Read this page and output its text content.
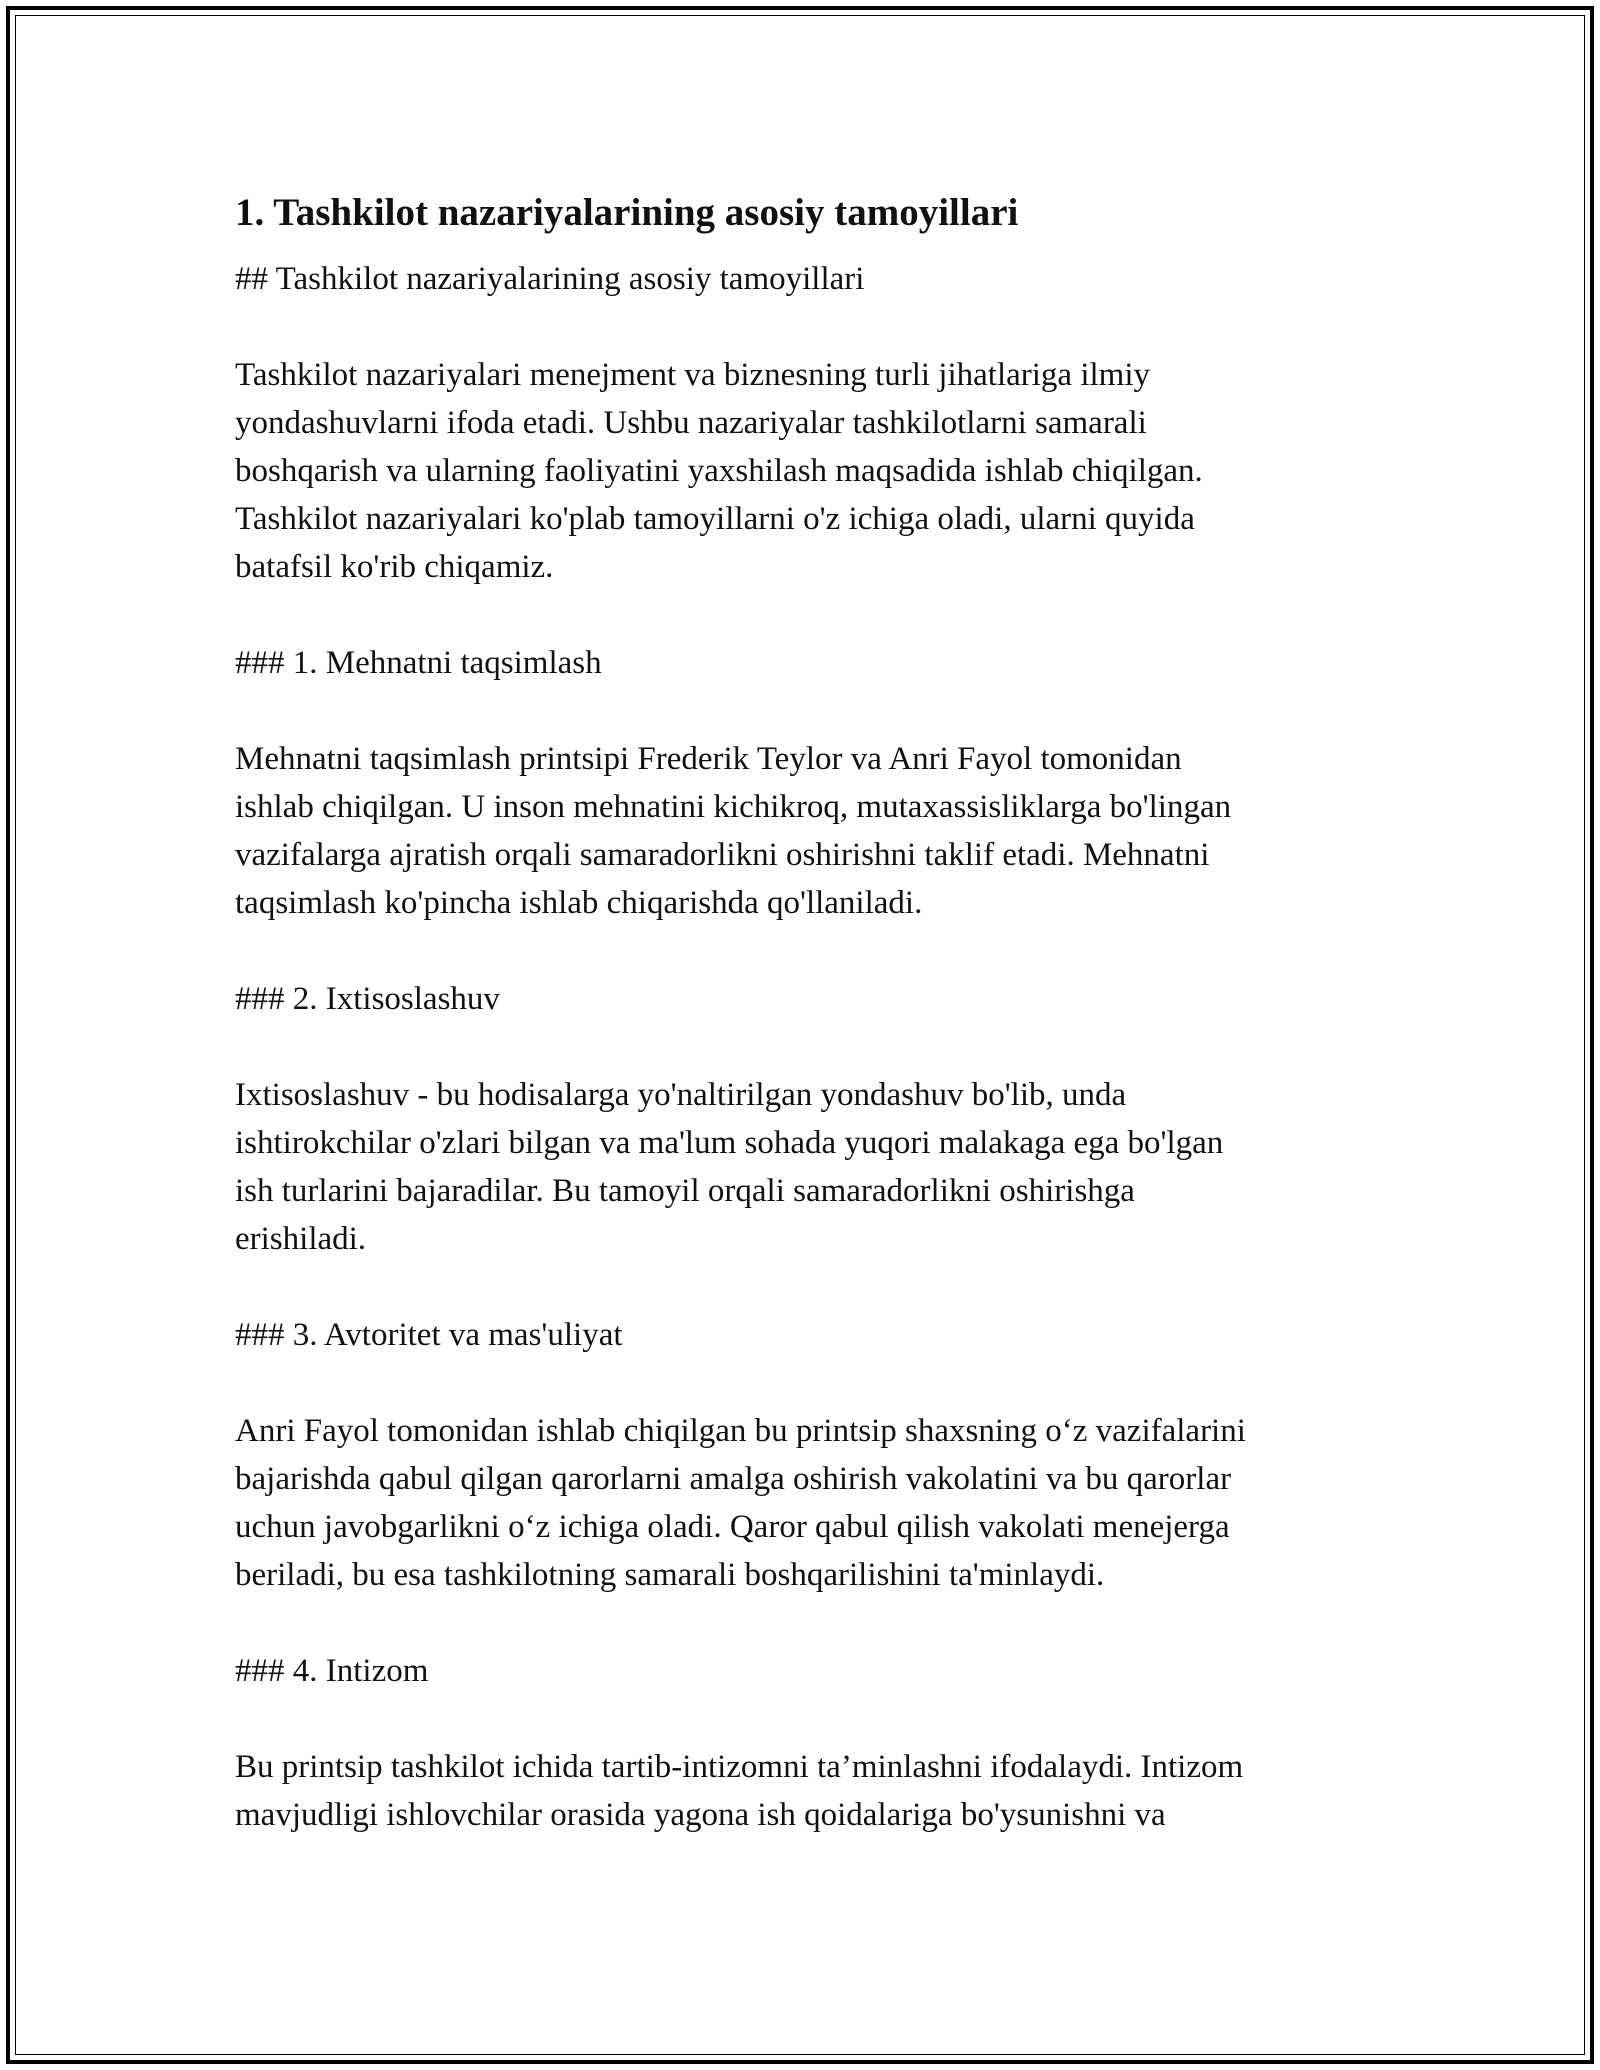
1. Tashkilot nazariyalarining asosiy tamoyillari
## Tashkilot nazariyalarining asosiy tamoyillari
Tashkilot nazariyalari menejment va biznesning turli jihatlariga ilmiy
yondashuvlarni ifoda etadi. Ushbu nazariyalar tashkilotlarni samarali
boshqarish va ularning faoliyatini yaxshilash maqsadida ishlab chiqilgan.
Tashkilot nazariyalari ko'plab tamoyillarni o'z ichiga oladi, ularni quyida
batafsil ko'rib chiqamiz.
### 1. Mehnatni taqsimlash
Mehnatni taqsimlash printsipi Frederik Teylor va Anri Fayol tomonidan
ishlab chiqilgan. U inson mehnatini kichikroq, mutaxassisliklarga bo'lingan
vazifalarga ajratish orqali samaradorlikni oshirishni taklif etadi. Mehnatni
taqsimlash ko'pincha ishlab chiqarishda qo'llaniladi.
### 2. Ixtisoslashuv
Ixtisoslashuv - bu hodisalarga yo'naltirilgan yondashuv bo'lib, unda
ishtirokchilar o'zlari bilgan va ma'lum sohada yuqori malakaga ega bo'lgan
ish turlarini bajaradilar. Bu tamoyil orqali samaradorlikni oshirishga
erishiladi.
### 3. Avtoritet va mas'uliyat
Anri Fayol tomonidan ishlab chiqilgan bu printsip shaxsning o‘z vazifalarini
bajarishda qabul qilgan qarorlarni amalga oshirish vakolatini va bu qarorlar
uchun javobgarlikni o‘z ichiga oladi. Qaror qabul qilish vakolati menejerga
beriladi, bu esa tashkilotning samarali boshqarilishini ta'minlaydi.
### 4. Intizom
Bu printsip tashkilot ichida tartib-intizomni ta’minlashni ifodalaydi. Intizom
mavjudligi ishlovchilar orasida yagona ish qoidalariga bo'ysunishni va
